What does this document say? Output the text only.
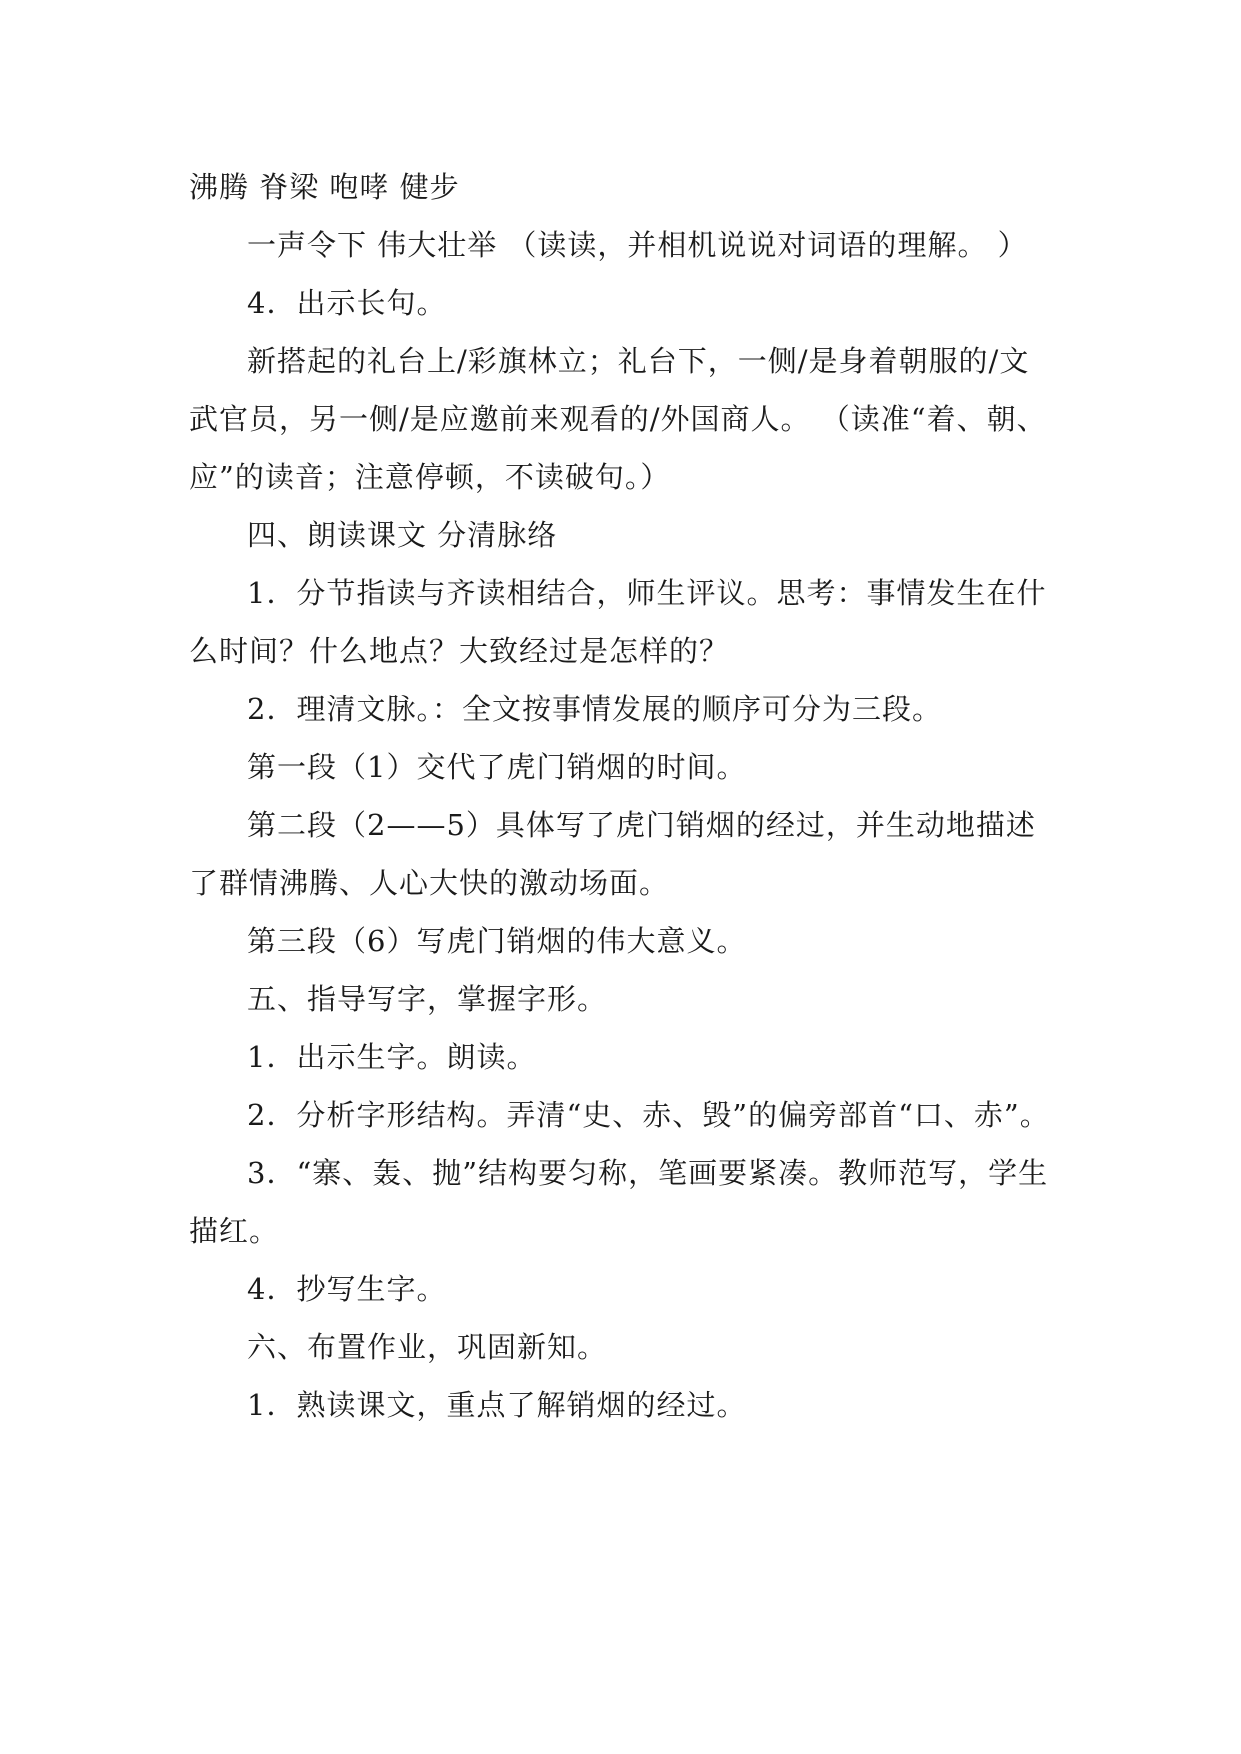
沸腾 脊梁 咆哮 健步

一声令下 伟大壮举 （读读，并相机说说对词语的理解。 ）

4．出示长句。

新搭起的礼台上/彩旗林立；礼台下，一侧/是身着朝服的/文武官员，另一侧/是应邀前来观看的/外国商人。 （读准“着、朝、应”的读音；注意停顿，不读破句。）

四、朗读课文 分清脉络

1．分节指读与齐读相结合，师生评议。思考：事情发生在什么时间？什么地点？大致经过是怎样的？

2．理清文脉。：全文按事情发展的顺序可分为三段。

第一段（1）交代了虎门销烟的时间。

第二段（2——5）具体写了虎门销烟的经过，并生动地描述了群情沸腾、人心大快的激动场面。

第三段（6）写虎门销烟的伟大意义。

五、指导写字，掌握字形。

1．出示生字。朗读。

2．分析字形结构。弄清“史、赤、毁”的偏旁部首“口、赤”。

3．“寨、轰、抛”结构要匀称，笔画要紧凑。教师范写，学生描红。

4．抄写生字。

六、布置作业，巩固新知。

1．熟读课文，重点了解销烟的经过。
